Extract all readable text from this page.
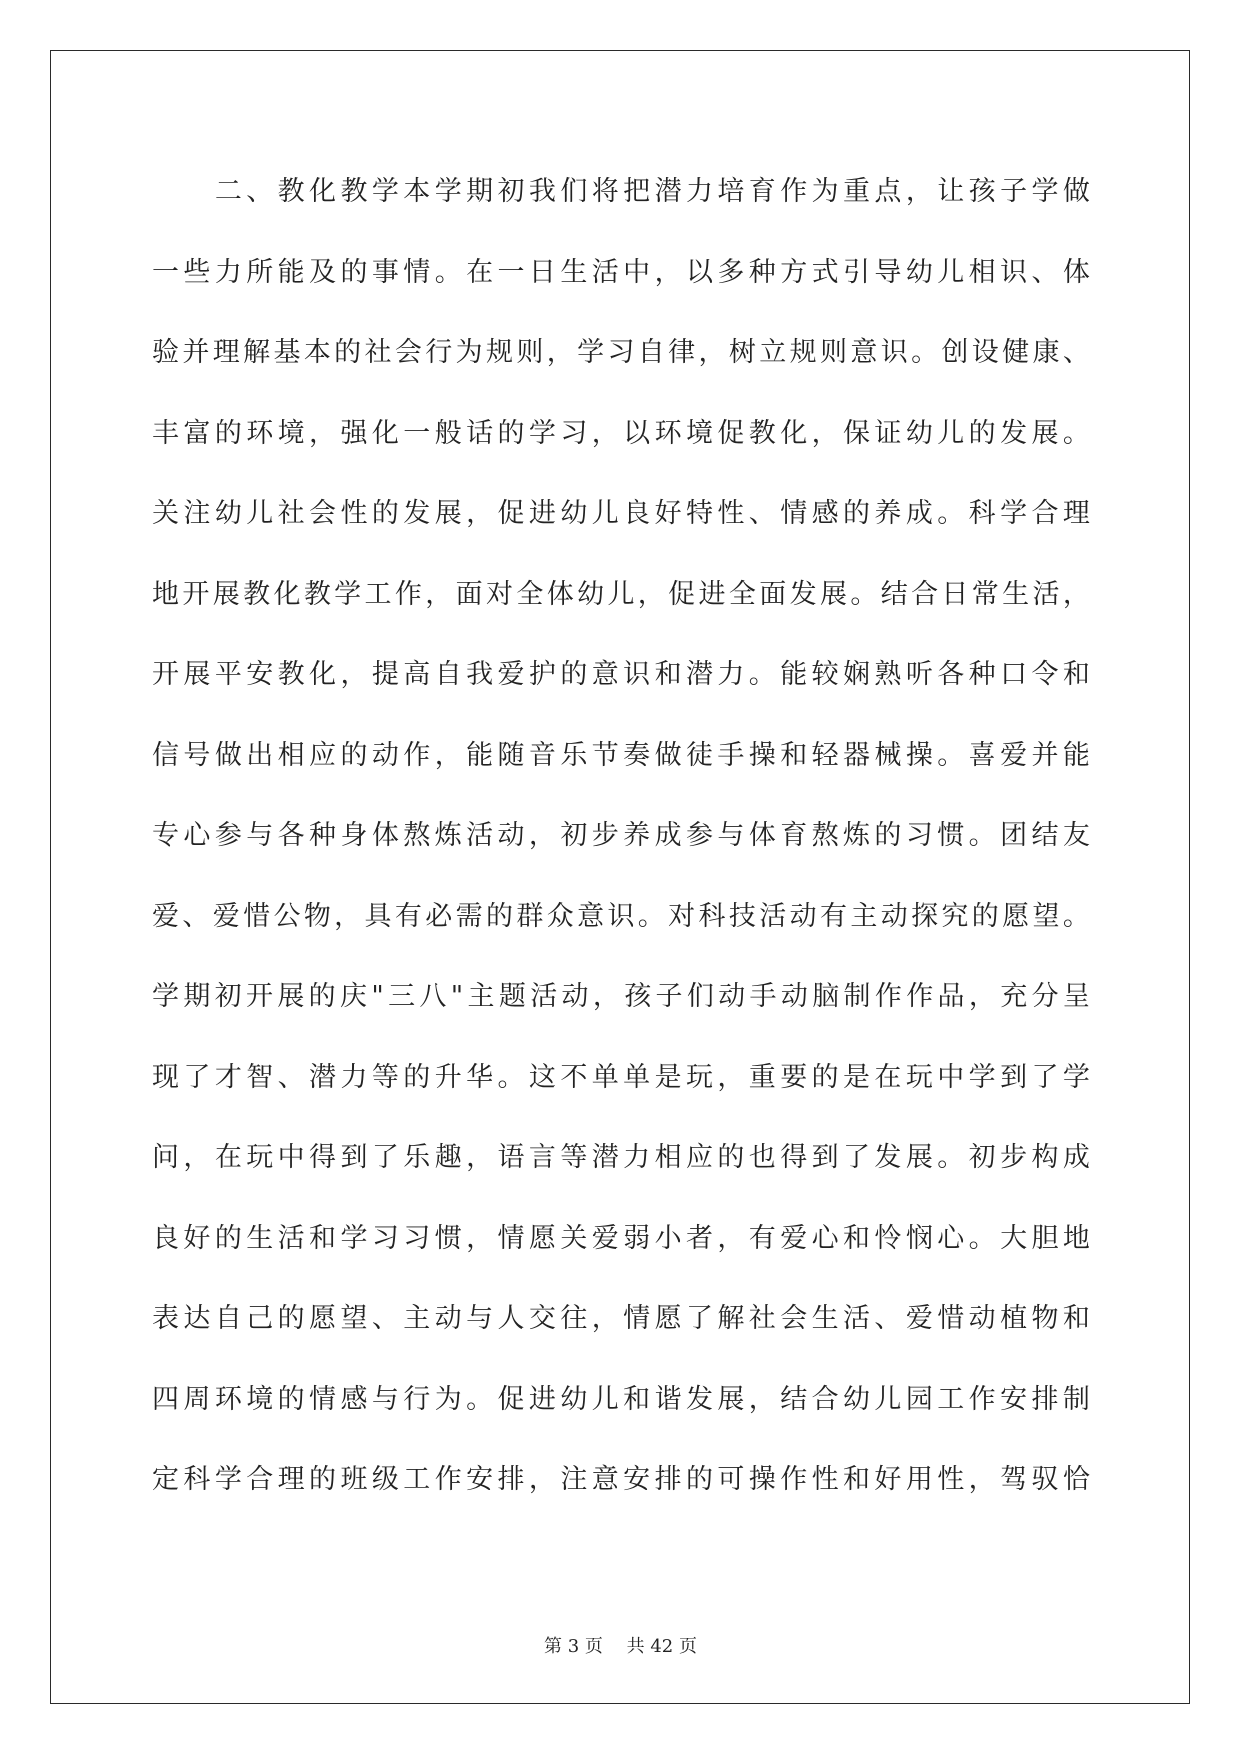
　　二、教化教学本学期初我们将把潜力培育作为重点，让孩子学做
一些力所能及的事情。在一日生活中，以多种方式引导幼儿相识、体
验并理解基本的社会行为规则，学习自律，树立规则意识。创设健康、
丰富的环境，强化一般话的学习，以环境促教化，保证幼儿的发展。
关注幼儿社会性的发展，促进幼儿良好特性、情感的养成。科学合理
地开展教化教学工作，面对全体幼儿，促进全面发展。结合日常生活，
开展平安教化，提高自我爱护的意识和潜力。能较娴熟听各种口令和
信号做出相应的动作，能随音乐节奏做徒手操和轻器械操。喜爱并能
专心参与各种身体熬炼活动，初步养成参与体育熬炼的习惯。团结友
爱、爱惜公物，具有必需的群众意识。对科技活动有主动探究的愿望。
学期初开展的庆"三八"主题活动，孩子们动手动脑制作作品，充分呈
现了才智、潜力等的升华。这不单单是玩，重要的是在玩中学到了学
问，在玩中得到了乐趣，语言等潜力相应的也得到了发展。初步构成
良好的生活和学习习惯，情愿关爱弱小者，有爱心和怜悯心。大胆地
表达自己的愿望、主动与人交往，情愿了解社会生活、爱惜动植物和
四周环境的情感与行为。促进幼儿和谐发展，结合幼儿园工作安排制
定科学合理的班级工作安排，注意安排的可操作性和好用性，驾驭恰
第 3 页　 共 42 页
